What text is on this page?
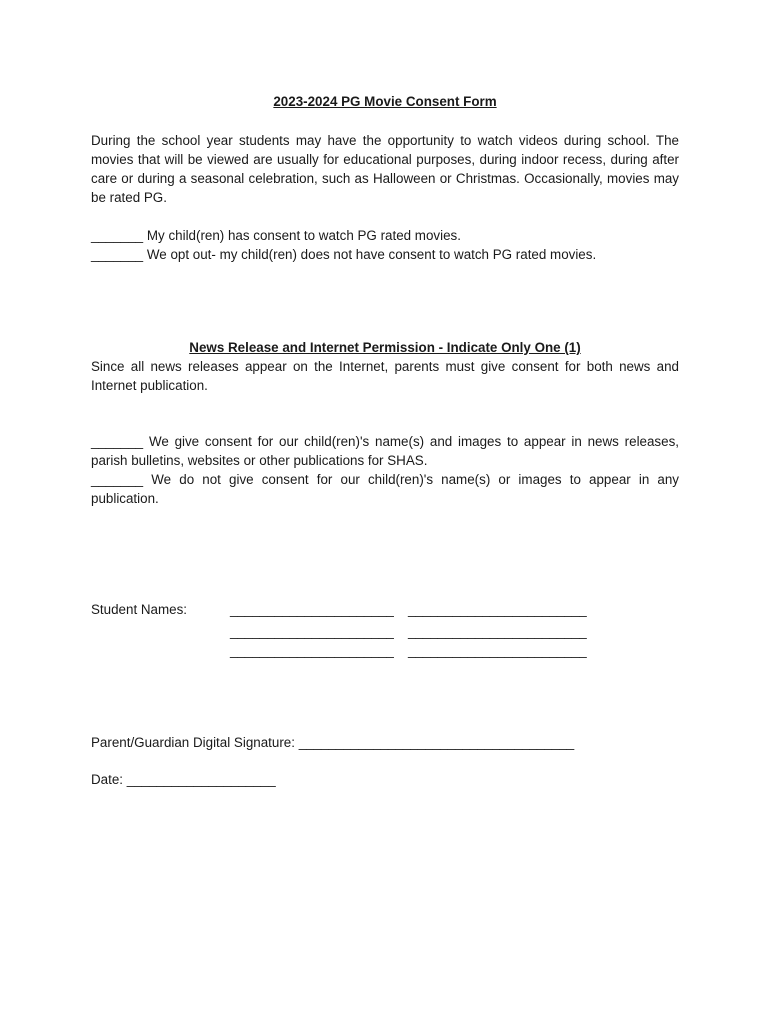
2023-2024 PG Movie Consent Form
During the school year students may have the opportunity to watch videos during school. The movies that will be viewed are usually for educational purposes, during indoor recess, during after care or during a seasonal celebration, such as Halloween or Christmas. Occasionally, movies may be rated PG.
_______ My child(ren) has consent to watch PG rated movies.
_______ We opt out- my child(ren) does not have consent to watch PG rated movies.
News Release and Internet Permission - Indicate Only One (1)
Since all news releases appear on the Internet, parents must give consent for both news and Internet publication.
_______ We give consent for our child(ren)'s name(s) and images to appear in news releases, parish bulletins, websites or other publications for SHAS.
_______ We do not give consent for our child(ren)'s name(s) or images to appear in any publication.
Student Names:	______________________ ________________________
______________________ ________________________
______________________ ________________________
Parent/Guardian Digital Signature: _____________________________________
Date: ____________________
